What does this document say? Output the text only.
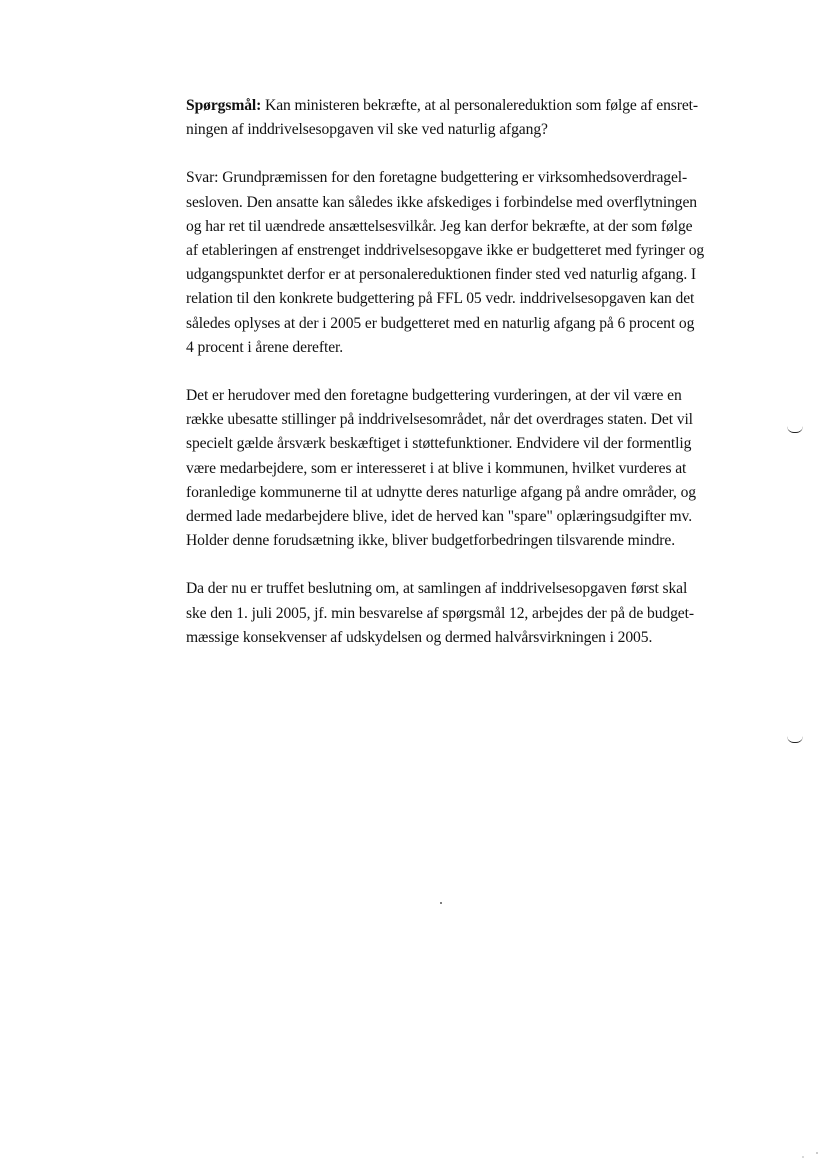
Spørgsmål: Kan ministeren bekræfte, at al personalereduktion som følge af ensret-
ningen af inddrivelsesopgaven vil ske ved naturlig afgang?

Svar: Grundpræmissen for den foretagne budgettering er virksomhedsoverdragel-
sesloven. Den ansatte kan således ikke afskediges i forbindelse med overflytningen
og har ret til uændrede ansættelsesvilkår. Jeg kan derfor bekræfte, at der som følge
af etableringen af enstrenget inddrivelsesopgave ikke er budgetteret med fyringer og
udgangspunktet derfor er at personalereduktionen finder sted ved naturlig afgang. I
relation til den konkrete budgettering på FFL 05 vedr. inddrivelsesopgaven kan det
således oplyses at der i 2005 er budgetteret med en naturlig afgang på 6 procent og
4 procent i årene derefter.

Det er herudover med den foretagne budgettering vurderingen, at der vil være en
række ubesatte stillinger på inddrivelsesområdet, når det overdrages staten. Det vil
specielt gælde årsværk beskæftiget i støttefunktioner. Endvidere vil der formentlig
være medarbejdere, som er interesseret i at blive i kommunen, hvilket vurderes at
foranledige kommunerne til at udnytte deres naturlige afgang på andre områder, og
dermed lade medarbejdere blive, idet de herved kan "spare" oplæringsudgifter mv.
Holder denne forudsætning ikke, bliver budgetforbedringen tilsvarende mindre.

Da der nu er truffet beslutning om, at samlingen af inddrivelsesopgaven først skal
ske den 1. juli 2005, jf. min besvarelse af spørgsmål 12, arbejdes der på de budget-
mæssige konsekvenser af udskydelsen og dermed halvårsvirkningen i 2005.
